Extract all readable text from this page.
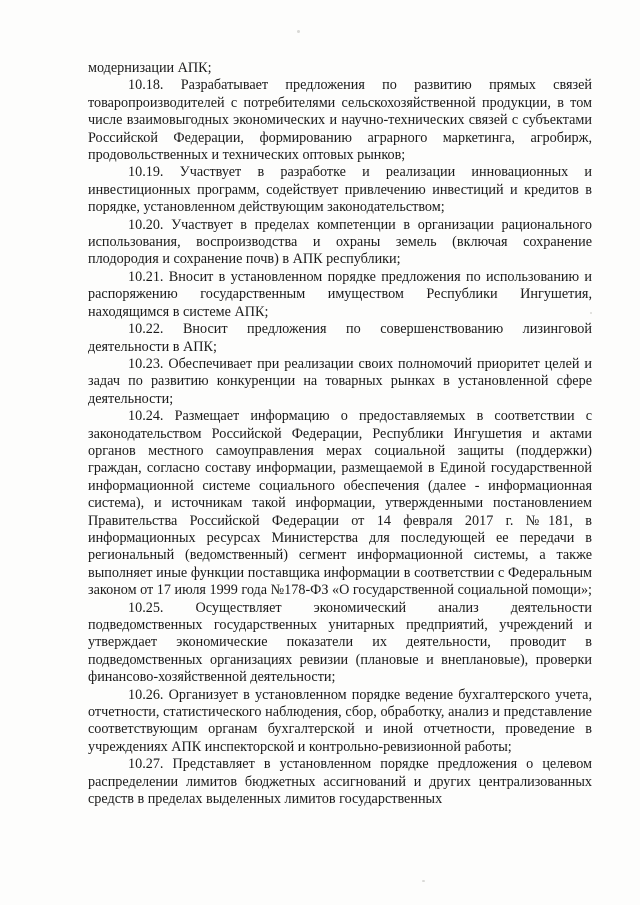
модернизации АПК;

10.18. Разрабатывает предложения по развитию прямых связей товаропроизводителей с потребителями сельскохозяйственной продукции, в том числе взаимовыгодных экономических и научно-технических связей с субъектами Российской Федерации, формированию аграрного маркетинга, агробирж, продовольственных и технических оптовых рынков;

10.19. Участвует в разработке и реализации инновационных и инвестиционных программ, содействует привлечению инвестиций и кредитов в порядке, установленном действующим законодательством;

10.20. Участвует в пределах компетенции в организации рационального использования, воспроизводства и охраны земель (включая сохранение плодородия и сохранение почв) в АПК республики;

10.21. Вносит в установленном порядке предложения по использованию и распоряжению государственным имуществом Республики Ингушетия, находящимся в системе АПК;

10.22. Вносит предложения по совершенствованию лизинговой деятельности в АПК;

10.23. Обеспечивает при реализации своих полномочий приоритет целей и задач по развитию конкуренции на товарных рынках в установленной сфере деятельности;

10.24. Размещает информацию о предоставляемых в соответствии с законодательством Российской Федерации, Республики Ингушетия и актами органов местного самоуправления мерах социальной защиты (поддержки) граждан, согласно составу информации, размещаемой в Единой государственной информационной системе социального обеспечения (далее - информационная система), и источникам такой информации, утвержденными постановлением Правительства Российской Федерации от 14 февраля 2017 г. №181, в информационных ресурсах Министерства для последующей ее передачи в региональный (ведомственный) сегмент информационной системы, а также выполняет иные функции поставщика информации в соответствии с Федеральным законом от 17 июля 1999 года №178-ФЗ «О государственной социальной помощи»;

10.25. Осуществляет экономический анализ деятельности подведомственных государственных унитарных предприятий, учреждений и утверждает экономические показатели их деятельности, проводит в подведомственных организациях ревизии (плановые и внеплановые), проверки финансово-хозяйственной деятельности;

10.26. Организует в установленном порядке ведение бухгалтерского учета, отчетности, статистического наблюдения, сбор, обработку, анализ и представление соответствующим органам бухгалтерской и иной отчетности, проведение в учреждениях АПК инспекторской и контрольно-ревизионной работы;

10.27. Представляет в установленном порядке предложения о целевом распределении лимитов бюджетных ассигнований и других централизованных средств в пределах выделенных лимитов государственных
